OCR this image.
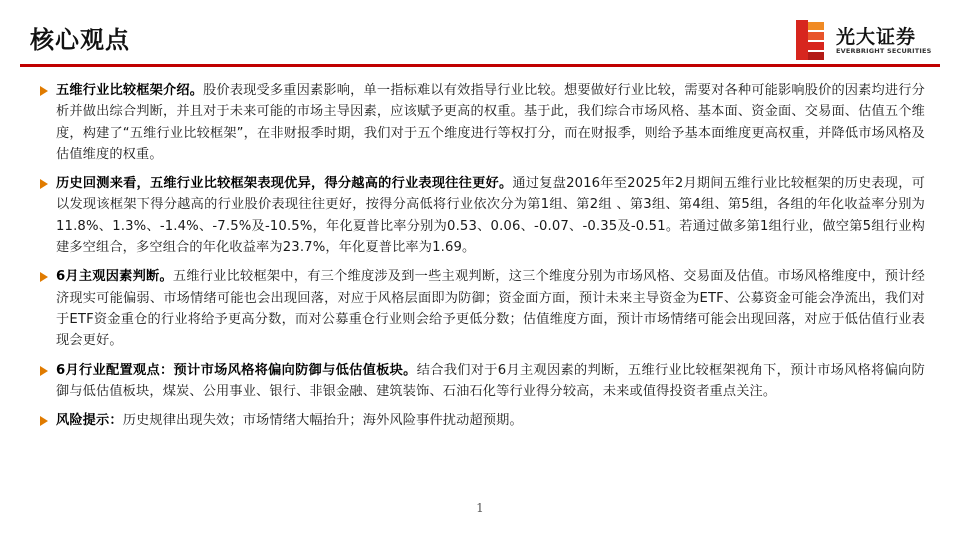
核心观点	光大证券
EVERBRIGHT SECURITIES
五维行业比较框架介绍。股价表现受多重因素影响，单一指标难以有效指导行业比较。想要做好行业比较，需要对各种可能影响股价的因素均进行分析并做出综合判断，并且对于未来可能的市场主导因素，应该赋予更高的权重。基于此，我们综合市场风格、基本面、资金面、交易面、估值五个维度，构建了“五维行业比较框架”，在非财报季时期，我们对于五个维度进行等权打分，而在财报季，则给予基本面维度更高权重，并降低市场风格及估值维度的权重。
历史回测来看，五维行业比较框架表现优异，得分越高的行业表现往往更好。通过复盘2016年至2025年2月期间五维行业比较框架的历史表现，可以发现该框架下得分越高的行业股价表现往往更好，按得分高低将行业依次分为第1组、第2组 、第3组、第4组、第5组，各组的年化收益率分别为11.8%、1.3%、-1.4%、-7.5%及-10.5%，年化夏普比率分别为0.53、0.06、-0.07、-0.35及-0.51。若通过做多第1组行业，做空第5组行业构建多空组合，多空组合的年化收益率为23.7%，年化夏普比率为1.69。
6月主观因素判断。五维行业比较框架中，有三个维度涉及到一些主观判断，这三个维度分别为市场风格、交易面及估值。市场风格维度中，预计经济现实可能偏弱、市场情绪可能也会出现回落，对应于风格层面即为防御；资金面方面，预计未来主导资金为ETF、公募资金可能会净流出，我们对于ETF资金重仓的行业将给予更高分数，而对公募重仓行业则会给予更低分数；估值维度方面，预计市场情绪可能会出现回落，对应于低估值行业表现会更好。
6月行业配置观点：预计市场风格将偏向防御与低估值板块。结合我们对于6月主观因素的判断，五维行业比较框架视角下，预计市场风格将偏向防御与低估值板块，煤炭、公用事业、银行、非银金融、建筑装饰、石油石化等行业得分较高，未来或值得投资者重点关注。
风险提示：历史规律出现失效；市场情绪大幅抬升；海外风险事件扰动超预期。
1
